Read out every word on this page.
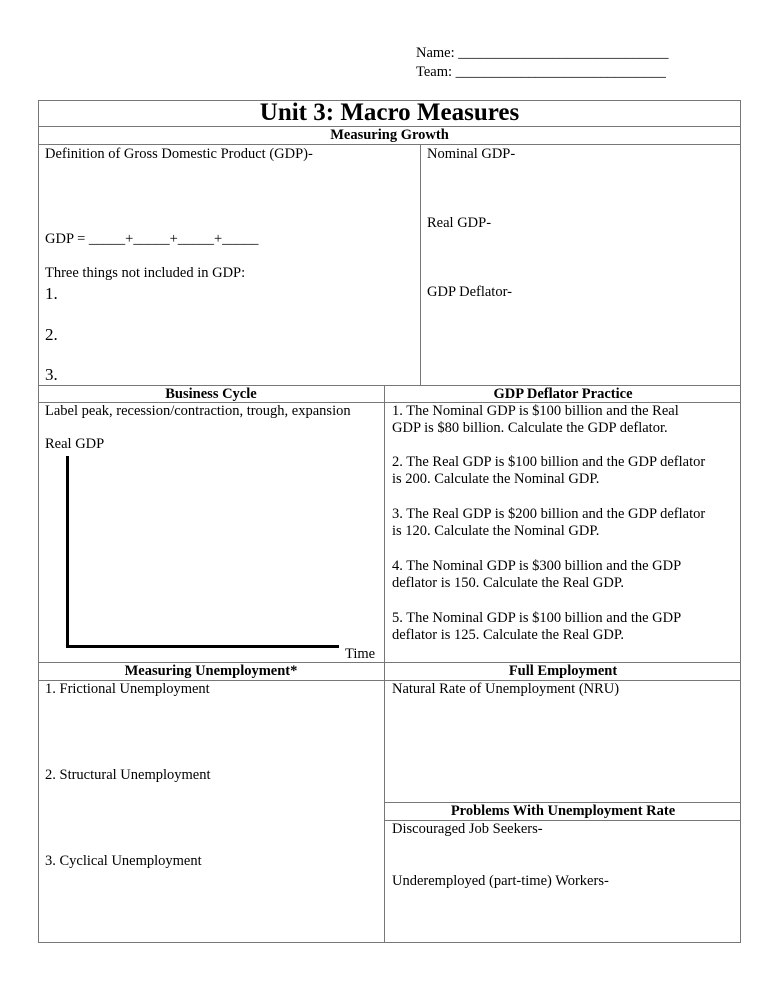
Name: _____________________________
Team: _____________________________
Unit 3: Macro Measures
Measuring Growth
Definition of Gross Domestic Product (GDP)-
GDP = _____+_____+_____+_____
Three things not included in GDP:
1.
2.
3.
Nominal GDP-
Real GDP-
GDP Deflator-
Business Cycle	GDP Deflator Practice
Label peak, recession/contraction, trough, expansion
Real GDP
Time
1. The Nominal GDP is $100 billion and the Real
GDP is $80 billion. Calculate the GDP deflator.
2. The Real GDP is $100 billion and the GDP deflator
is 200. Calculate the Nominal GDP.
3. The Real GDP is $200 billion and the GDP deflator
is 120. Calculate the Nominal GDP.
4. The Nominal GDP is $300 billion and the GDP
deflator is 150. Calculate the Real GDP.
5. The Nominal GDP is $100 billion and the GDP
deflator is 125. Calculate the Real GDP.
Measuring Unemployment*	Full Employment
1. Frictional Unemployment
2. Structural Unemployment
3. Cyclical Unemployment
Natural Rate of Unemployment (NRU)
Problems With Unemployment Rate
Discouraged Job Seekers-
Underemployed (part-time) Workers-
